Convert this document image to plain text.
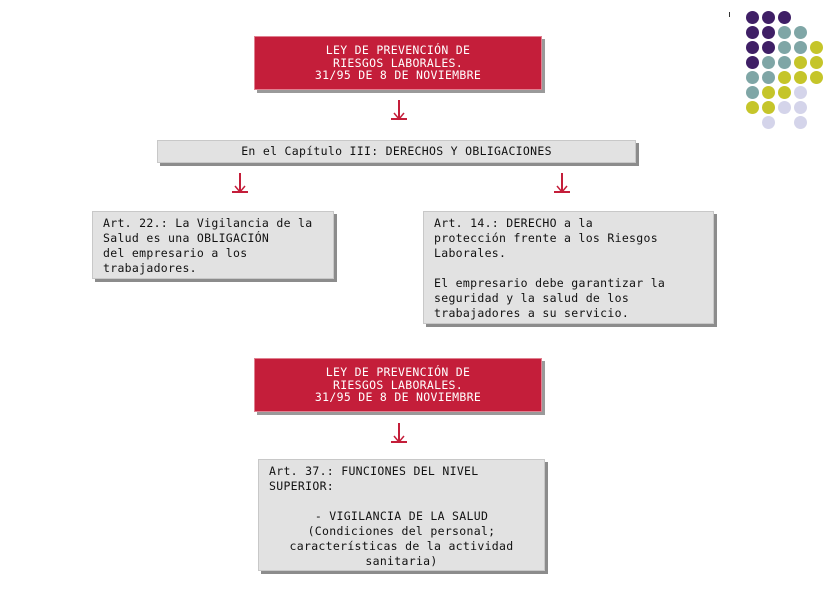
LEY DE PREVENCIÓN DE
RIESGOS LABORALES.
31/95 DE 8 DE NOVIEMBRE
En el Capítulo III: DERECHOS Y OBLIGACIONES

Art. 22.: La Vigilancia de la

Salud es una OBLIGACIÓN

del empresario a los

trabajadores.

Art. 14.: DERECHO a la

protección frente a los Riesgos

Laborales.

El empresario debe garantizar la

seguridad y la salud de los

trabajadores a su servicio.

LEY DE PREVENCIÓN DE
RIESGOS LABORALES.
31/95 DE 8 DE NOVIEMBRE

Art. 37.: FUNCIONES DEL NIVEL

SUPERIOR:

- VIGILANCIA DE LA SALUD

(Condiciones del personal;

características de la actividad

sanitaria)
